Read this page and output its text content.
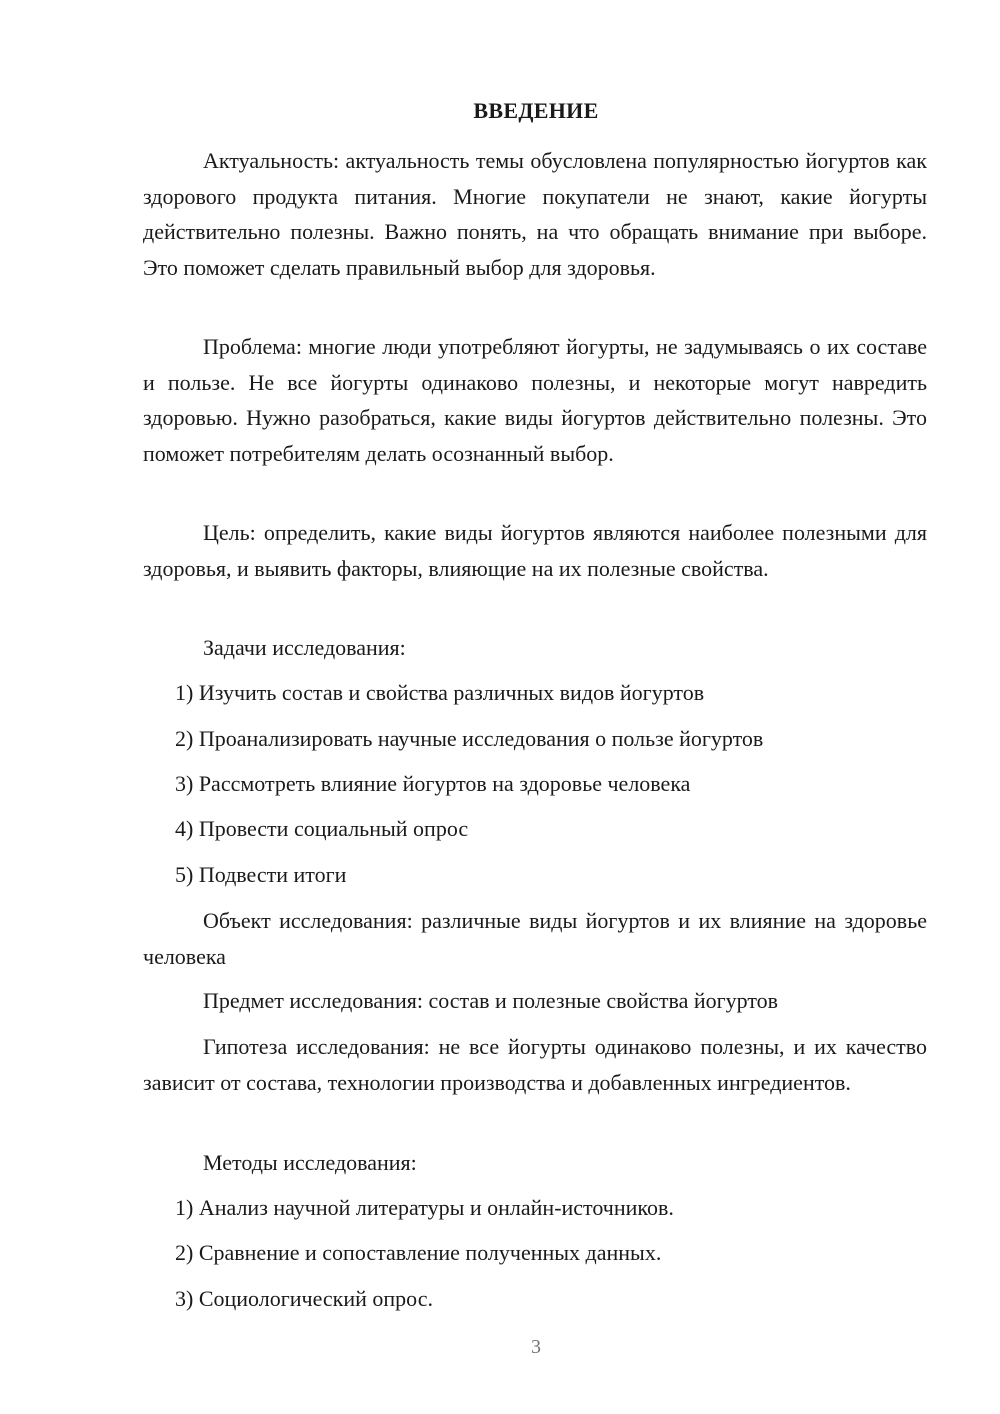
ВВЕДЕНИЕ

Актуальность: актуальность темы обусловлена популярностью йогуртов как здорового продукта питания. Многие покупатели не знают, какие йогурты действительно полезны. Важно понять, на что обращать внимание при выборе. Это поможет сделать правильный выбор для здоровья.

Проблема: многие люди употребляют йогурты, не задумываясь о их составе и пользе. Не все йогурты одинаково полезны, и некоторые могут навредить здоровью. Нужно разобраться, какие виды йогуртов действительно полезны. Это поможет потребителям делать осознанный выбор.

Цель: определить, какие виды йогуртов являются наиболее полезными для здоровья, и выявить факторы, влияющие на их полезные свойства.

Задачи исследования:

1) Изучить состав и свойства различных видов йогуртов

2) Проанализировать научные исследования о пользе йогуртов

3) Рассмотреть влияние йогуртов на здоровье человека

4) Провести социальный опрос

5) Подвести итоги

Объект исследования: различные виды йогуртов и их влияние на здоровье человека

Предмет исследования: состав и полезные свойства йогуртов

Гипотеза исследования: не все йогурты одинаково полезны, и их качество зависит от состава, технологии производства и добавленных ингредиентов.

Методы исследования:

1) Анализ научной литературы и онлайн-источников.

2) Сравнение и сопоставление полученных данных.

3) Социологический опрос.

3
